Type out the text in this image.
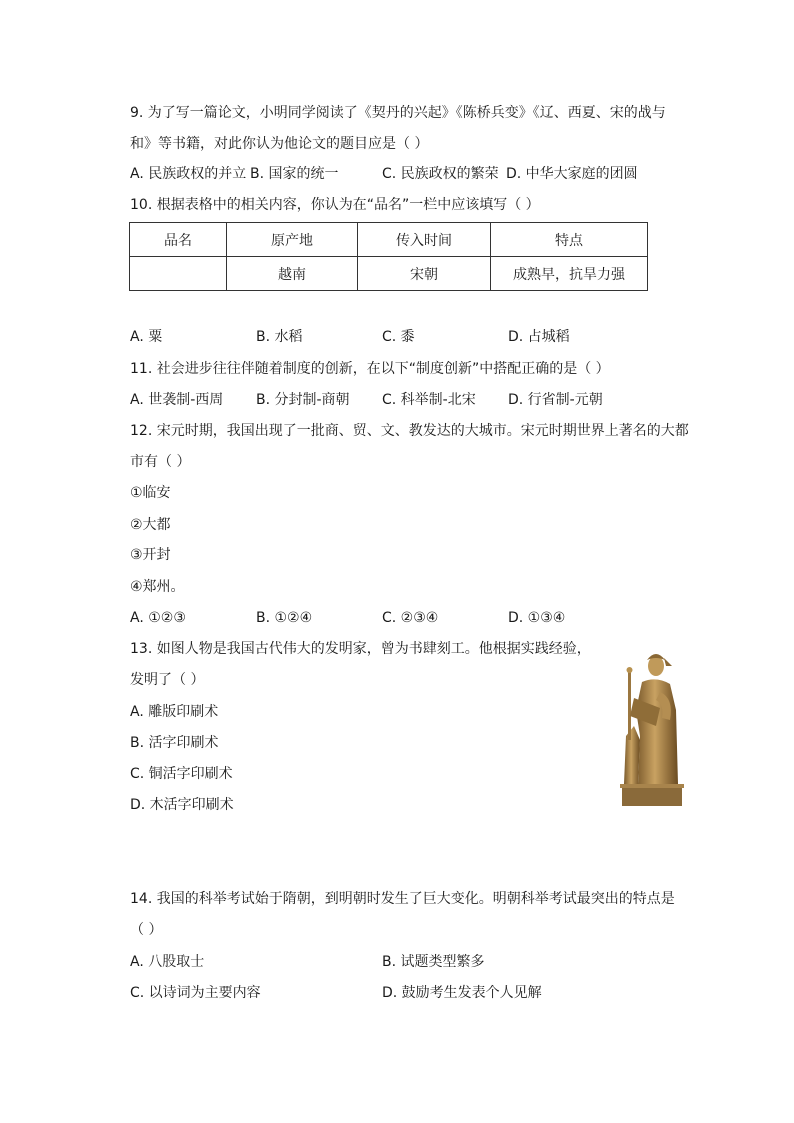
9. 为了写一篇论文，小明同学阅读了《契丹的兴起》《陈桥兵变》《辽、西夏、宋的战与
和》等书籍，对此你认为他论文的题目应是（ ）
A. 民族政权的并立 B. 国家的统一	C. 民族政权的繁荣 D. 中华大家庭的团圆
10. 根据表格中的相关内容，你认为在“品名”一栏中应该填写（ ）
品名	原产地	传入时间	特点
	越南	宋朝	成熟早，抗旱力强
A. 粟	B. 水稻	C. 黍	D. 占城稻
11. 社会进步往往伴随着制度的创新，在以下“制度创新”中搭配正确的是（ ）
A. 世袭制-西周 B. 分封制-商朝 C. 科举制-北宋 D. 行省制-元朝
12. 宋元时期，我国出现了一批商、贸、文、教发达的大城市。宋元时期世界上著名的大都
市有（ ）
①临安
②大都
③开封
④郑州。
A. ①②③	B. ①②④	C. ②③④	D. ①③④
13. 如图人物是我国古代伟大的发明家，曾为书肆刻工。他根据实践经验，
发明了（ ）
A. 雕版印刷术
B. 活字印刷术
C. 铜活字印刷术
D. 木活字印刷术
14. 我国的科举考试始于隋朝，到明朝时发生了巨大变化。明朝科举考试最突出的特点是
（ ）
A. 八股取士	B. 试题类型繁多
C. 以诗词为主要内容	D. 鼓励考生发表个人见解
